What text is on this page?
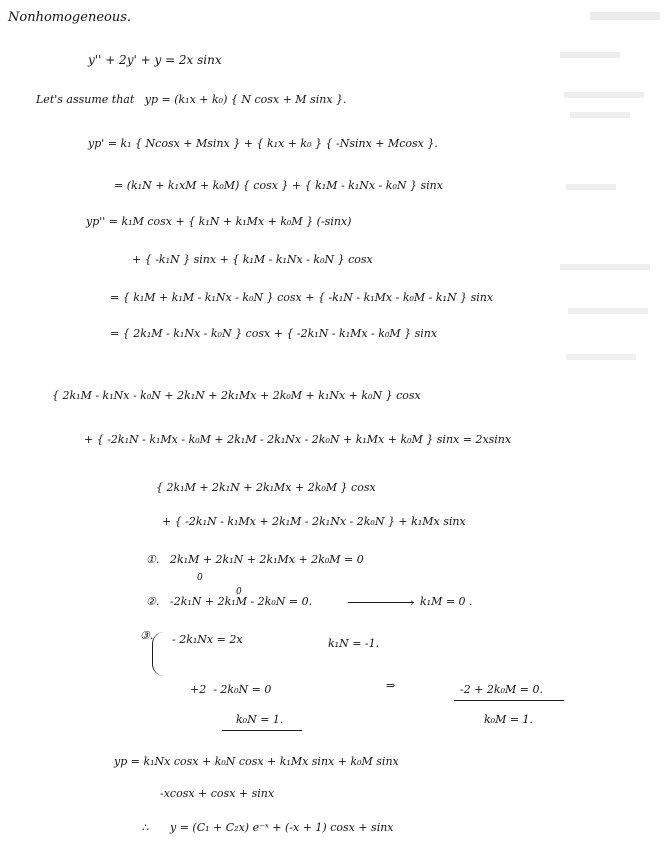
Nonhomogeneous.
y'' + 2y' + y = 2x sinx
Let's assume that   yp = (k₁x + k₀) { N cosx + M sinx }.
yp' = k₁ { Ncosx + Msinx } + { k₁x + k₀ } { -Nsinx + Mcosx }.
= (k₁N + k₁xM + k₀M) { cosx } + { k₁M - k₁Nx - k₀N } sinx
yp'' = k₁M cosx + { k₁N + k₁Mx + k₀M } (-sinx)
+ { -k₁N } sinx + { k₁M - k₁Nx - k₀N } cosx
= { k₁M + k₁M - k₁Nx - k₀N } cosx + { -k₁N - k₁Mx - k₀M - k₁N } sinx
= { 2k₁M - k₁Nx - k₀N } cosx + { -2k₁N - k₁Mx - k₀M } sinx
{ 2k₁M - k₁Nx - k₀N + 2k₁N + 2k₁Mx + 2k₀M + k₁Nx + k₀N } cosx
+ { -2k₁N - k₁Mx - k₀M + 2k₁M - 2k₁Nx - 2k₀N + k₁Mx + k₀M } sinx = 2xsinx
{ 2k₁M + 2k₁N + 2k₁Mx + 2k₀M } cosx
+ { -2k₁N - k₁Mx + 2k₁M - 2k₁Nx - 2k₀N } + k₁Mx sinx
①. 2k₁M + 2k₁N + 2k₁Mx + 2k₀M = 0
0
0
②. -2k₁N + 2k₁M - 2k₀N = 0.	› k₁M = 0 .
③. - 2k₁Nx = 2x	k₁N = -1.
+2  - 2k₀N = 0	⇒	-2 + 2k₀M = 0.
k₀N = 1.	k₀M = 1.
yp = k₁Nx cosx + k₀N cosx + k₁Mx sinx + k₀M sinx
-xcosx + cosx + sinx
∴ y = (C₁ + C₂x) e⁻ˣ + (-x + 1) cosx + sinx
